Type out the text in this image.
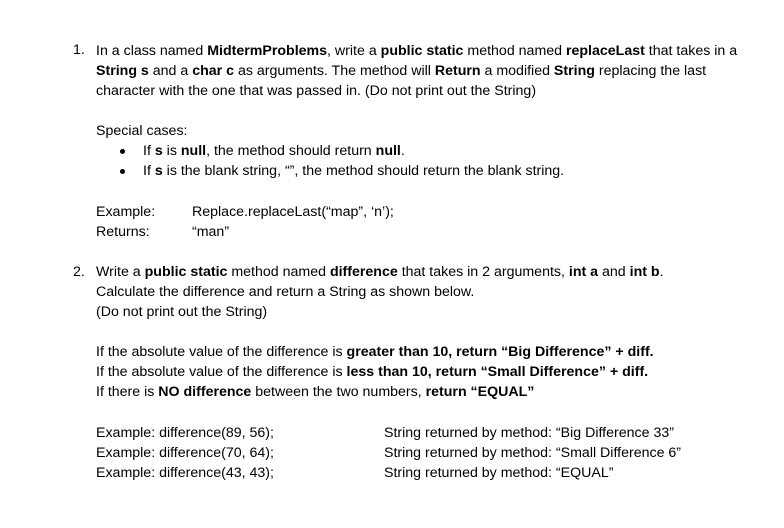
1. In a class named MidtermProblems, write a public static method named replaceLast that takes in a
String s and a char c as arguments. The method will Return a modified String replacing the last
character with the one that was passed in. (Do not print out the String)
Special cases:
If s is null, the method should return null.
If s is the blank string, “”, the method should return the blank string.
Example:	Replace.replaceLast(“map”, ‘n’);
Returns:	“man”
2. Write a public static method named difference that takes in 2 arguments, int a and int b.
Calculate the difference and return a String as shown below.
(Do not print out the String)
If the absolute value of the difference is greater than 10, return “Big Difference” + diff.
If the absolute value of the difference is less than 10, return “Small Difference” + diff.
If there is NO difference between the two numbers, return “EQUAL”
Example: difference(89, 56);	String returned by method: “Big Difference 33”
Example: difference(70, 64);	String returned by method: “Small Difference 6”
Example: difference(43, 43);	String returned by method: “EQUAL”
